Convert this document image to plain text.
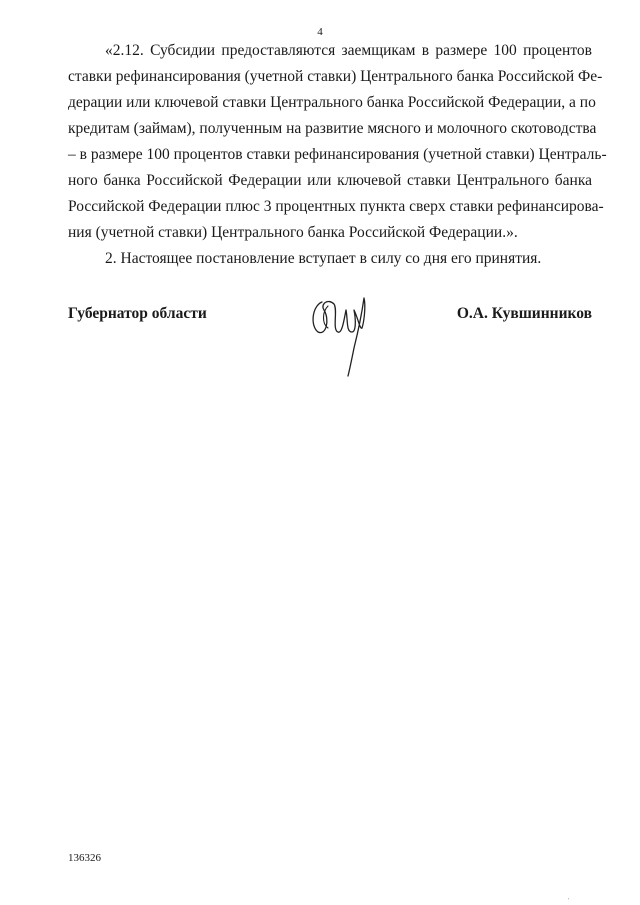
4
«2.12. Субсидии предоставляются заемщикам в размере 100 процентов
ставки рефинансирования (учетной ставки) Центрального банка Российской Фе-
дерации или ключевой ставки Центрального банка Российской Федерации, а по
кредитам (займам), полученным на развитие мясного и молочного скотоводства
– в размере 100 процентов ставки рефинансирования (учетной ставки) Централь-
ного банка Российской Федерации или ключевой ставки Центрального банка
Российской Федерации плюс 3 процентных пункта сверх ставки рефинансирова-
ния (учетной ставки) Центрального банка Российской Федерации.».
2. Настоящее постановление вступает в силу со дня его принятия.
Губернатор области	О.А. Кувшинников
136326
'
